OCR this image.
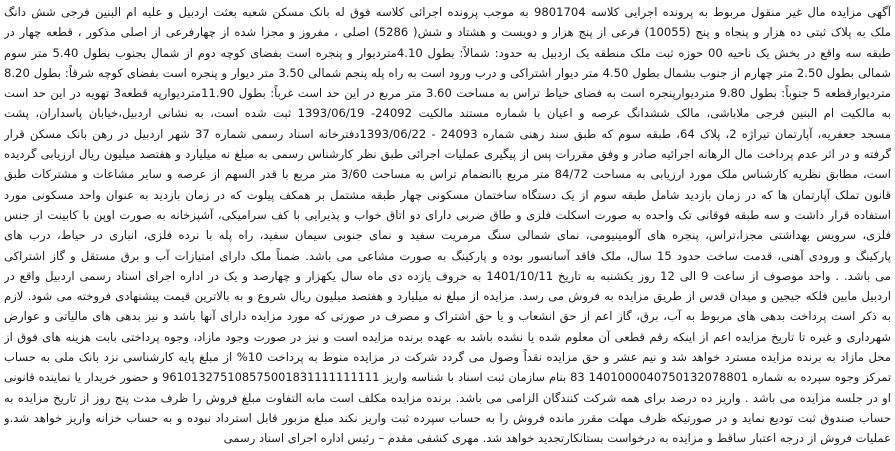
آگهی مزایده مال غیر منقول مربوط به پرونده اجرایی کلاسه 9801704 به موجب پرونده اجرائی کلاسه فوق له بانک مسکن شعبه بعثت اردبیل و علیه ام البنین فرجی شش دانگ
ملک به پلاک ثبتی ده هزار و پنجاه و پنج (10055) فرعی از پنج هزار و دویست و هشتاد و شش( 5286) اصلی ، مفروز و مجزا شده از چهارفرعی از اصلی مذکور ، قطعه چهار در
طبقه سه واقع در بخش یک ناحیه 00 حوزه ثبت ملک منطقه یک اردبیل به حدود: شمالاً: بطول 4.10متردیوار و پنجره است بفضای کوچه دوم از شمال بجنوب بطول 5.40 متر سوم
شمالی بطول 2.50 متر چهارم از جنوب بشمال بطول 4.50 متر دیوار اشتراکی و درب ورود است به راه پله پنجم شمالی 3.50 متر دیوار و پنجره است بفضای کوچه شرقاً: بطول 8.20
متردیوارقطعه 5 جنوباً: بطول 9.80 متردیوارپنجره است به فضای حیاط تراس به مساحت 3.60 متر مربع در این حد است غرباً: بطول 11.90متردیوارپه قطعه3 تهویه در این حد است
به مالکیت ام البنین فرجی ملاباشی، مالک ششدانگ عرصه و اعیان با شماره مستند مالکیت 24092- 1393/06/19 ثبت شده است، به نشانی اردبیل،خیابان پاسداران، پشت
مسجد جعفریه، آپارتمان تیراژه 2، پلاک 64، طبقه سوم که طبق سند رهنی شماره 24093 - 1393/06/22دفترخانه اسناد رسمی شماره 37 شهر اردبیل در رهن بانک مسکن قرار
گرفته و در اثر عدم پرداخت مال الرهانه اجرائیه صادر و وفق مقررات پس از پیگیری عملیات اجرائی طبق نظر کارشناس رسمی به مبلغ نه میلیارد و هفتصد میلیون ریال ارزیابی گردیده
است، مطابق نظریه کارشناس ملک مورد ارزیابی به مساحت 84/72 متر مربع باانضمام تراس به مساحت 3/60 متر مربع با قدر السهم از عرصه و سایر مشاعات و مشترکات طبق
قانون تملک آپارتمان ها که در زمان بازدید شامل طبقه سوم از یک دستگاه ساختمان مسکونی چهار طبقه مشتمل بر همکف پیلوت که در زمان بازدید به عنوان واحد مسکونی مورد
استفاده قرار داشت و سه طبقه فوقانی تک واحده به صورت اسکلت فلزی و طاق ضربی دارای دو اتاق خواب و پذیرایی با کف سرامیکی، آشپزخانه به صورت اوپن با کابینت از جنس
فلزی، سرویس بهداشتی مجزا،تراس، پنجره های آلومینیومی، نمای شمالی سنگ مرمریت سفید و نمای جنوبی سیمان سفید، راه پله با نرده فلزی، انباری در حیاط، درب های
پارکینگ و ورودی آهنی، قدمت ساخت حدود 15 سال، ملک فاقد آسانسور بوده و پارکینگ به صورت مشاعی می باشد. ضمناً ملک دارای امتیازات آب و برق مستقل و گاز اشتراکی
می باشد. . واحد موصوف از ساعت 9 الی 12 روز یکشنبه به تاریخ 1401/10/11 به حروف یازده دی ماه سال یکهزار و چهارصد و یک در اداره اجرای اسناد رسمی اردبیل واقع در
اردبیل مابین فلکه جیجین و میدان قدس از طریق مزایده به فروش می رسد. مزایده از مبلغ نه میلیارد و هفتصد میلیون ریال شروع و به بالاترین قیمت پیشنهادی فروخته می شود. لازم
به ذکر است پرداخت بدهی های مربوط به آب، برق، گاز اعم از حق انشعاب و یا حق اشتراک و مصرف در صورتی که مورد مزایده دارای آنها باشد و نیز بدهی های مالیاتی و عوارض
شهرداری و غیره تا تاریخ مزایده اعم از اینکه رقم قطعی آن معلوم شده یا نشده باشد به عهده برنده مزایده است و نیز در صورت وجود مازاد، وجوه پرداختی بابت هزینه های فوق از
محل مازاد به برنده مزایده مسترد خواهد شد و نیم عشر و حق مزایده نقداً وصول می گردد شرکت در مزایده منوط به پرداخت 10% از مبلغ پایه کارشناسی نزد بانک ملی به حساب
تمرکز وجوه سپرده به شماره 1401000040750132078801 83 بنام سازمان ثبت اسناد با شناسه واریز 961013275108575001831111111111 و حضور خریدار یا نماینده قانونی
او در جلسه مزایده می باشد . واریز ده درصد برای همه شرکت کنندگان الزامی می باشد. برنده مزایده مکلف است مابه التفاوت مبلغ فروش را ظرف مدت پنج روز از تاریخ مزایده به
حساب صندوق ثبت تودیع نماید و در صورتیکه ظرف مهلت مقرر مانده فروش را به حساب سپرده ثبت واریز نکند مبلغ مزبور قابل استرداد نبوده و به حساب خزانه واریز خواهد شد.و
عملیات فروش از درجه اعتبار ساقط و مزایده به درخواست بستانکارتجدید خواهد شد. مهری کشفی مقدم – رئیس اداره اجرای اسناد رسمی
